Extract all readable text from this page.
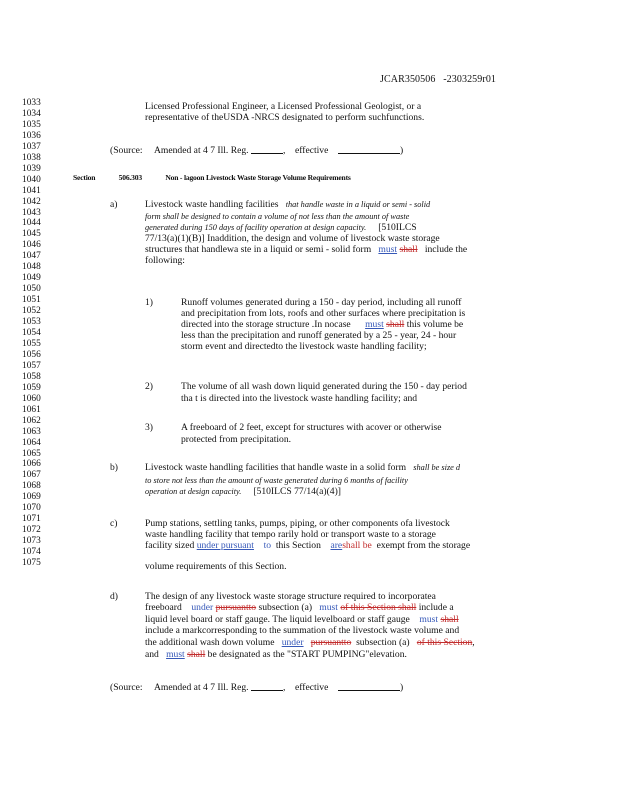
JCAR350506   -2303259r01
1033
1034
1035
1036
1037
1038
1039
1040
1041
1042
1043
1044
1045
1046
1047
1048
1049
1050
1051
1052
1053
1054
1055
1056
1057
1058
1059
1060
1061
1062
1063
1064
1065
1066
1067
1068
1069
1070
1071
1072
1073
1074
1075
Licensed Professional Engineer, a Licensed Professional Geologist, or a
representative of theUSDA -NRCS designated to perform suchfunctions.
(Source: Amended at 4 7 Ill. Reg.	,    effective	)
Section	506.303	Non - lagoon Livestock Waste Storage Volume Requirements
a)	Livestock waste handling facilities that handle waste in a liquid or semi - solid
form shall be designed to contain a volume of not less than the amount of waste
generated during 150 days of facility operation at design capacity. [510ILCS
77/13(a)(1)(B)] Inaddition, the design and volume of livestock waste storage
structures that handlewa ste in a liquid or semi - solid form must shall include the
following:
1)	Runoff volumes generated during a 150 - day period, including all runoff
and precipitation from lots, roofs and other surfaces where precipitation is
directed into the storage structure .In nocase must shall this volume be
less than the precipitation and runoff generated by a 25 - year, 24 - hour
storm event and directedto the livestock waste handling facility;
2)	The volume of all wash down liquid generated during the 150 - day period
tha t is directed into the livestock waste handling facility; and
3)	A freeboard of 2 feet, except for structures with acover or otherwise
protected from precipitation.
b)	Livestock waste handling facilities that handle waste in a solid form shall be size d
to store not less than the amount of waste generated during 6 months of facility
operation at design capacity. [510ILCS 77/14(a)(4)]
c)	Pump stations, settling tanks, pumps, piping, or other components ofa livestock
waste handling facility that tempo rarily hold or transport waste to a storage
facility sized under pursuant to this Section areshall be exempt from the storage
volume requirements of this Section.
d)	The design of any livestock waste storage structure required to incorporatea
freeboard under pursuantto subsection (a) must of this Section shall include a
liquid level board or staff gauge. The liquid levelboard or staff gauge must shall
include a markcorresponding to the summation of the livestock waste volume and
the additional wash down volume under pursuantto subsection (a) of this Section,
and must shall be designated as the "START PUMPING"elevation.
(Source: Amended at 4 7 Ill. Reg.	,    effective	)
